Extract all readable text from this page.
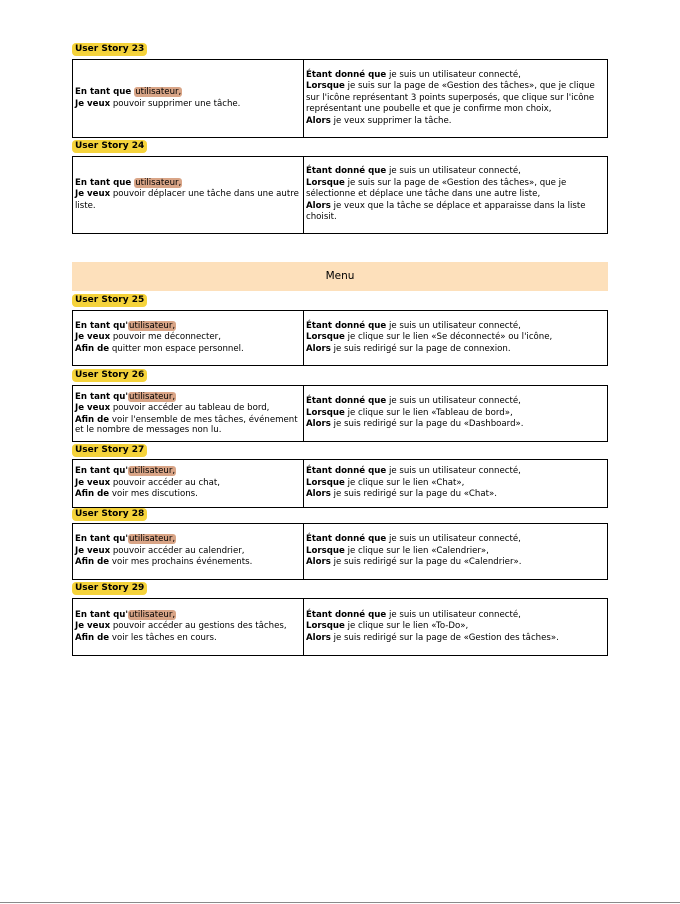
User Story 23
En tant que utilisateur,
Je veux pouvoir supprimer une tâche.
Étant donné que je suis un utilisateur connecté,
Lorsque je suis sur la page de «Gestion des tâches», que je clique sur l'icône représentant 3 points superposés, que clique sur l'icône représentant une poubelle et que je confirme mon choix,
Alors je veux supprimer la tâche.
User Story 24
En tant que utilisateur,
Je veux pouvoir déplacer une tâche dans une autre liste.
Étant donné que je suis un utilisateur connecté,
Lorsque je suis sur la page de «Gestion des tâches», que je sélectionne et déplace une tâche dans une autre liste,
Alors je veux que la tâche se déplace et apparaisse dans la liste choisit.
Menu
User Story 25
En tant qu'utilisateur,
Je veux pouvoir me déconnecter,
Afin de quitter mon espace personnel.
Étant donné que je suis un utilisateur connecté,
Lorsque je clique sur le lien «Se déconnecté» ou l'icône,
Alors je suis redirigé sur la page de connexion.
User Story 26
En tant qu'utilisateur,
Je veux pouvoir accéder au tableau de bord,
Afin de voir l'ensemble de mes tâches, événement et le nombre de messages non lu.
Étant donné que je suis un utilisateur connecté,
Lorsque je clique sur le lien «Tableau de bord»,
Alors je suis redirigé sur la page du «Dashboard».
User Story 27
En tant qu'utilisateur,
Je veux pouvoir accéder au chat,
Afin de voir mes discutions.
Étant donné que je suis un utilisateur connecté,
Lorsque je clique sur le lien «Chat»,
Alors je suis redirigé sur la page du «Chat».
User Story 28
En tant qu'utilisateur,
Je veux pouvoir accéder au calendrier,
Afin de voir mes prochains événements.
Étant donné que je suis un utilisateur connecté,
Lorsque je clique sur le lien «Calendrier»,
Alors je suis redirigé sur la page du «Calendrier».
User Story 29
En tant qu'utilisateur,
Je veux pouvoir accéder au gestions des tâches,
Afin de voir les tâches en cours.
Étant donné que je suis un utilisateur connecté,
Lorsque je clique sur le lien «To-Do»,
Alors je suis redirigé sur la page de «Gestion des tâches».
